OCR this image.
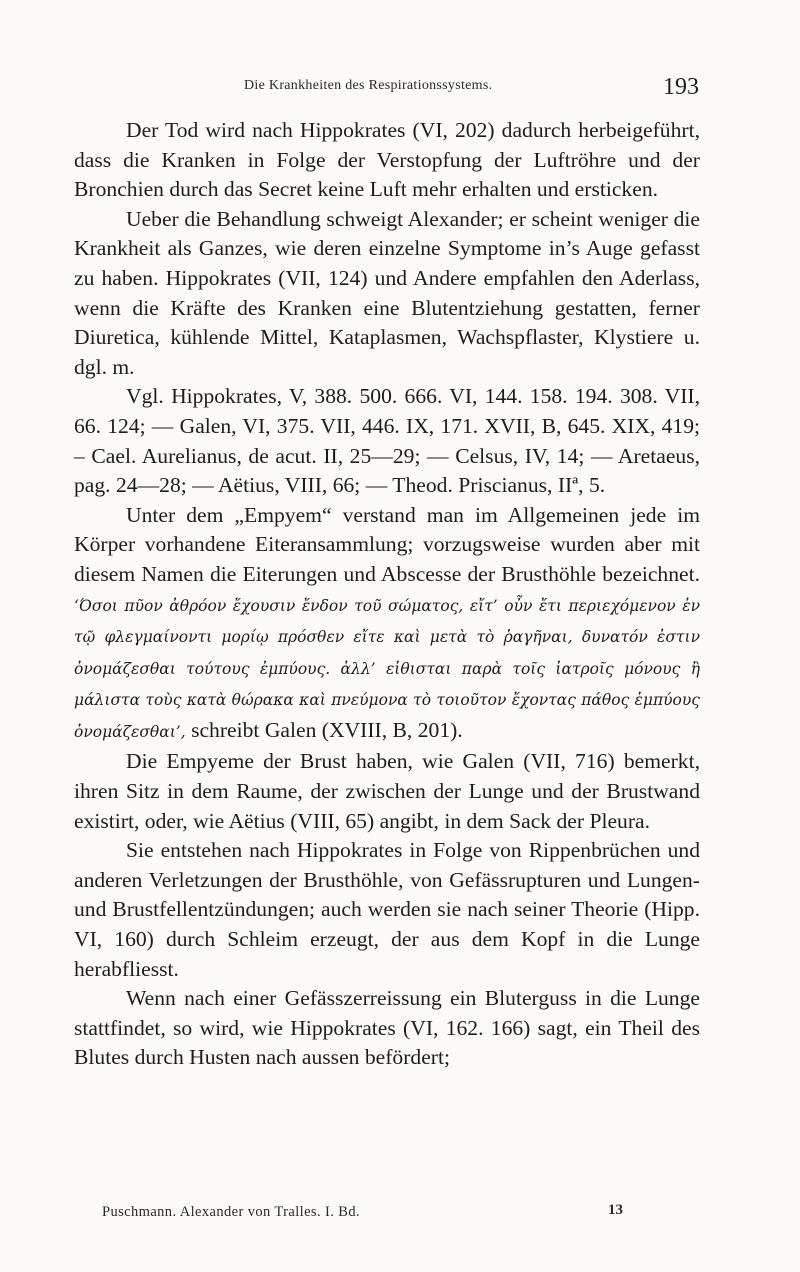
Die Krankheiten des Respirationssystems.	193

Der Tod wird nach Hippokrates (VI, 202) dadurch herbeigeführt, dass die Kranken in Folge der Verstopfung der Luftröhre und der Bronchien durch das Secret keine Luft mehr erhalten und ersticken.

Ueber die Behandlung schweigt Alexander; er scheint weniger die Krankheit als Ganzes, wie deren einzelne Symptome in’s Auge gefasst zu haben. Hippokrates (VII, 124) und Andere empfahlen den Aderlass, wenn die Kräfte des Kranken eine Blutentziehung gestatten, ferner Diuretica, kühlende Mittel, Kataplasmen, Wachspflaster, Klystiere u. dgl. m.

Vgl. Hippokrates, V, 388. 500. 666. VI, 144. 158. 194. 308. VII, 66. 124; — Galen, VI, 375. VII, 446. IX, 171. XVII, B, 645. XIX, 419; – Cael. Aurelianus, de acut. II, 25—29; — Celsus, IV, 14; — Aretaeus, pag. 24—28; — Aëtius, VIII, 66; — Theod. Priscianus, IIª, 5.

Unter dem „Empyem“ verstand man im Allgemeinen jede im Körper vorhandene Eiteransammlung; vorzugsweise wurden aber mit diesem Namen die Eiterungen und Abscesse der Brusthöhle bezeichnet. ‘Όσοι πῦον ἀθρόον ἔχουσιν ἔνδον τοῦ σώματος, εἴτ’ οὖν ἔτι περιεχόμενον ἐν τῷ φλεγμαίνοντι μορίῳ πρόσθεν εἴτε καὶ μετὰ τὸ ῥαγῆναι, δυνατόν ἐστιν ὀνομάζεσθαι τούτους ἐμπύους. ἀλλ’ εἰθισται παρὰ τοῖς ἰατροῖς μόνους ἢ μάλιστα τοὺς κατὰ θώρακα καὶ πνεύμονα τὸ τοιοῦτον ἔχοντας πάθος ἐμπύους ὀνομάζεσθαι’, schreibt Galen (XVIII, B, 201).

Die Empyeme der Brust haben, wie Galen (VII, 716) bemerkt, ihren Sitz in dem Raume, der zwischen der Lunge und der Brustwand existirt, oder, wie Aëtius (VIII, 65) angibt, in dem Sack der Pleura.

Sie entstehen nach Hippokrates in Folge von Rippenbrüchen und anderen Verletzungen der Brusthöhle, von Gefässrupturen und Lungen- und Brustfellentzündungen; auch werden sie nach seiner Theorie (Hipp. VI, 160) durch Schleim erzeugt, der aus dem Kopf in die Lunge herabfliesst.

Wenn nach einer Gefässzerreissung ein Bluterguss in die Lunge stattfindet, so wird, wie Hippokrates (VI, 162. 166) sagt, ein Theil des Blutes durch Husten nach aussen befördert;

Puschmann. Alexander von Tralles. I. Bd.	13
